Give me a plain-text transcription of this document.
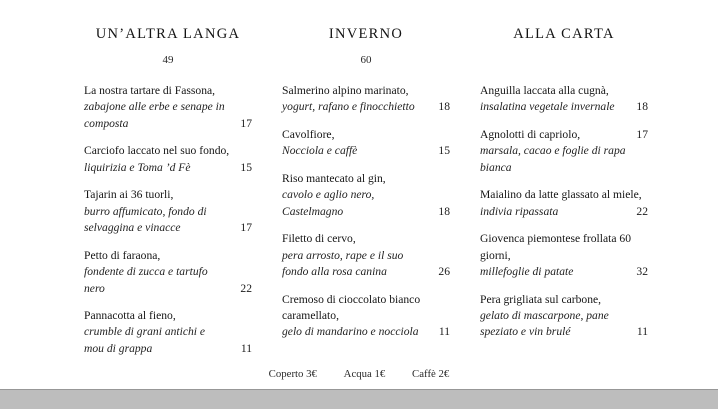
UN’ALTRA LANGA
49
La nostra tartare di Fassona,
zabajone alle erbe e senape in composta	17
Carciofo laccato nel suo fondo,
liquirizia e Toma ’d Fè	15
Tajarin ai 36 tuorli,
burro affumicato, fondo di selvaggina e vinacce	17
Petto di faraona,
fondente di zucca e tartufo nero	22
Pannacotta al fieno,
crumble di grani antichi e mou di grappa	11
INVERNO
60
Salmerino alpino marinato,
yogurt, rafano e finocchietto	18
Cavolfiore,
Nocciola e caffè	15
Riso mantecato al gin,
cavolo e aglio nero, Castelmagno	18
Filetto di cervo,
pera arrosto, rape e il suo fondo alla rosa canina	26
Cremoso di cioccolato bianco caramellato,
gelo di mandarino e nocciola	11
ALLA CARTA
Anguilla laccata alla cugnà,
insalatina vegetale invernale	18
Agnolotti di capriolo,	17
marsala, cacao e foglie di rapa bianca
Maialino da latte glassato al miele,
indivia ripassata	22
Giovenca piemontese frollata 60 giorni,
millefoglie di patate	32
Pera grigliata sul carbone,
gelato di mascarpone, pane speziato e vin brulé	11
Coperto 3€ Acqua 1€ Caffè 2€
